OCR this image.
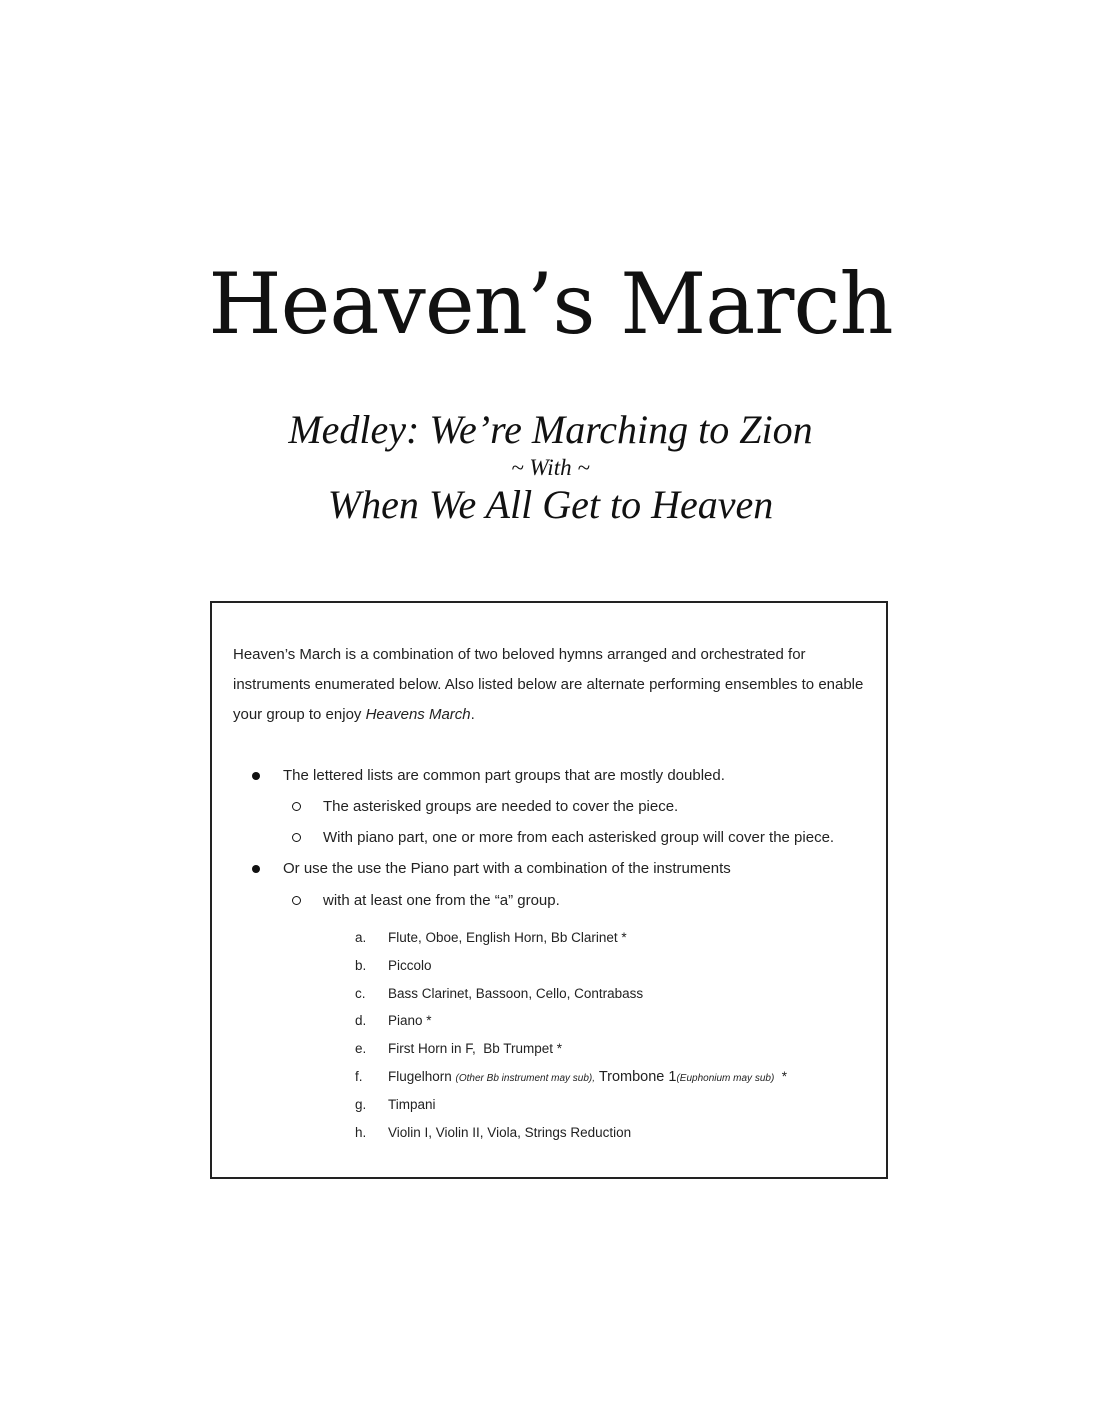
Heaven’s March
Medley: We’re Marching to Zion
~ With ~
When We All Get to Heaven

Heaven’s March is a combination of two beloved hymns arranged and orchestrated for instruments enumerated below. Also listed below are alternate performing ensembles to enable your group to enjoy Heavens March.

The lettered lists are common part groups that are mostly doubled.
The asterisked groups are needed to cover the piece.
With piano part, one or more from each asterisked group will cover the piece.
Or use the use the Piano part with a combination of the instruments
with at least one from the “a” group.
a. Flute, Oboe, English Horn, Bb Clarinet *
b. Piccolo
c. Bass Clarinet, Bassoon, Cello, Contrabass
d. Piano *
e. First Horn in F,  Bb Trumpet *
f. Flugelhorn (Other Bb instrument may sub), Trombone 1(Euphonium may sub)  *
g. Timpani
h. Violin I, Violin II, Viola, Strings Reduction
